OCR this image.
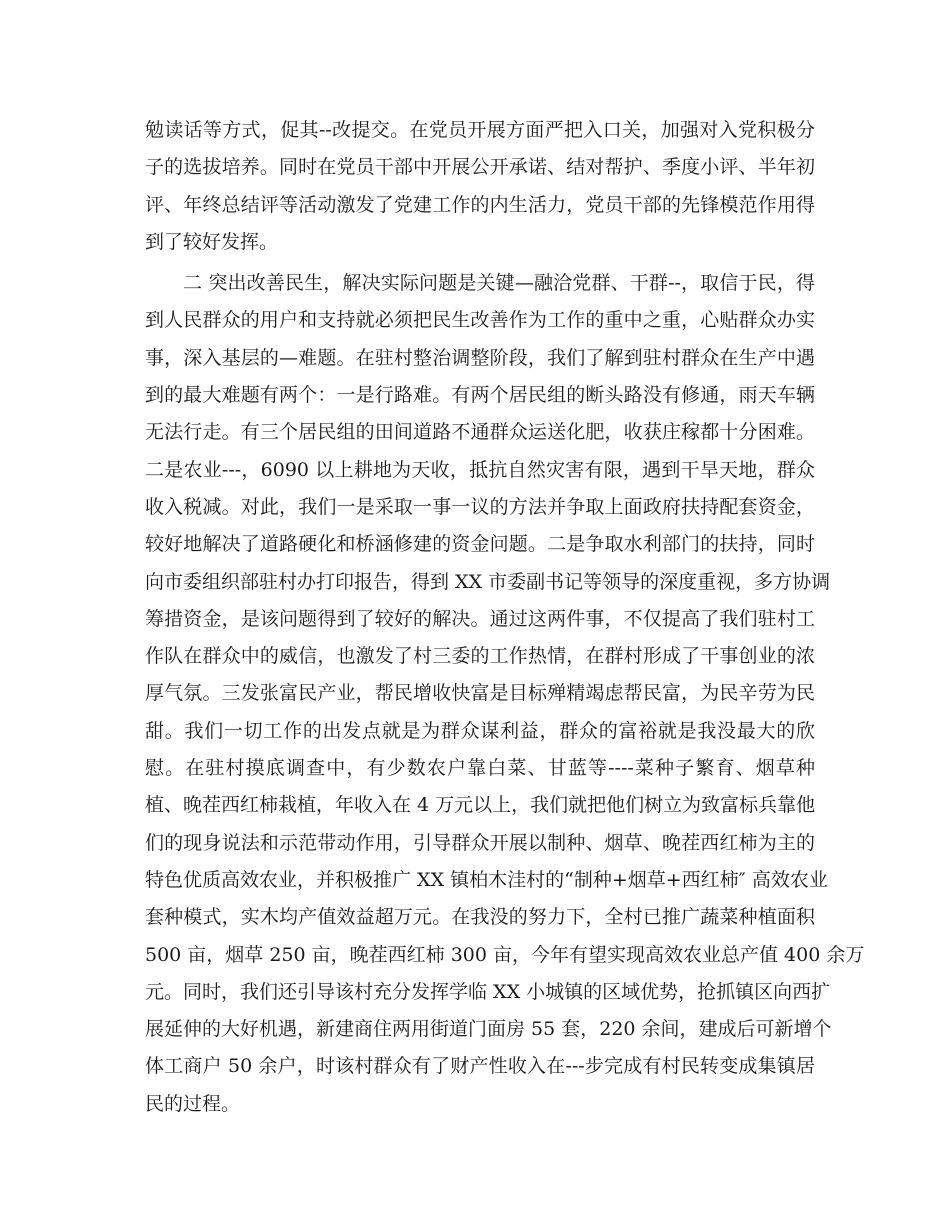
勉读话等方式，促其--改提交。在党员开展方面严把入口关，加强对入党积极分
子的选拔培养。同时在党员干部中开展公开承诺、结对帮护、季度小评、半年初
评、年终总结评等活动激发了党建工作的内生活力，党员干部的先锋模范作用得
到了较好发挥。
二 突出改善民生，解决实际问题是关键—融洽党群、干群--，取信于民，得
到人民群众的用户和支持就必须把民生改善作为工作的重中之重，心贴群众办实
事，深入基层的—难题。在驻村整治调整阶段，我们了解到驻村群众在生产中遇
到的最大难题有两个：一是行路难。有两个居民组的断头路没有修通，雨天车辆
无法行走。有三个居民组的田间道路不通群众运送化肥，收获庄稼都十分困难。
二是农业---，6090 以上耕地为天收，抵抗自然灾害有限，遇到干旱天地，群众
收入税减。对此，我们一是采取一事一议的方法并争取上面政府扶持配套资金，
较好地解决了道路硬化和桥涵修建的资金问题。二是争取水利部门的扶持，同时
向市委组织部驻村办打印报告，得到 XX 市委副书记等领导的深度重视，多方协调
筹措资金，是该问题得到了较好的解决。通过这两件事，不仅提高了我们驻村工
作队在群众中的威信，也激发了村三委的工作热情，在群村形成了干事创业的浓
厚气氛。三发张富民产业，帮民增收快富是目标殚精竭虑帮民富，为民辛劳为民
甜。我们一切工作的出发点就是为群众谋利益，群众的富裕就是我没最大的欣
慰。在驻村摸底调查中，有少数农户靠白菜、甘蓝等----菜种子繁育、烟草种
植、晚茬西红柿栽植，年收入在 4 万元以上，我们就把他们树立为致富标兵靠他
们的现身说法和示范带动作用，引导群众开展以制种、烟草、晚茬西红柿为主的
特色优质高效农业，并积极推广 XX 镇柏木洼村的“制种+烟草+西红柿″ 高效农业
套种模式，实木均产值效益超万元。在我没的努力下，全村已推广蔬菜种植面积
500 亩，烟草 250 亩，晚茬西红柿 300 亩，今年有望实现高效农业总产值 400 余万
元。同时，我们还引导该村充分发挥学临 XX 小城镇的区域优势，抢抓镇区向西扩
展延伸的大好机遇，新建商住两用街道门面房 55 套，220 余间，建成后可新增个
体工商户 50 余户，时该村群众有了财产性收入在---步完成有村民转变成集镇居
民的过程。
